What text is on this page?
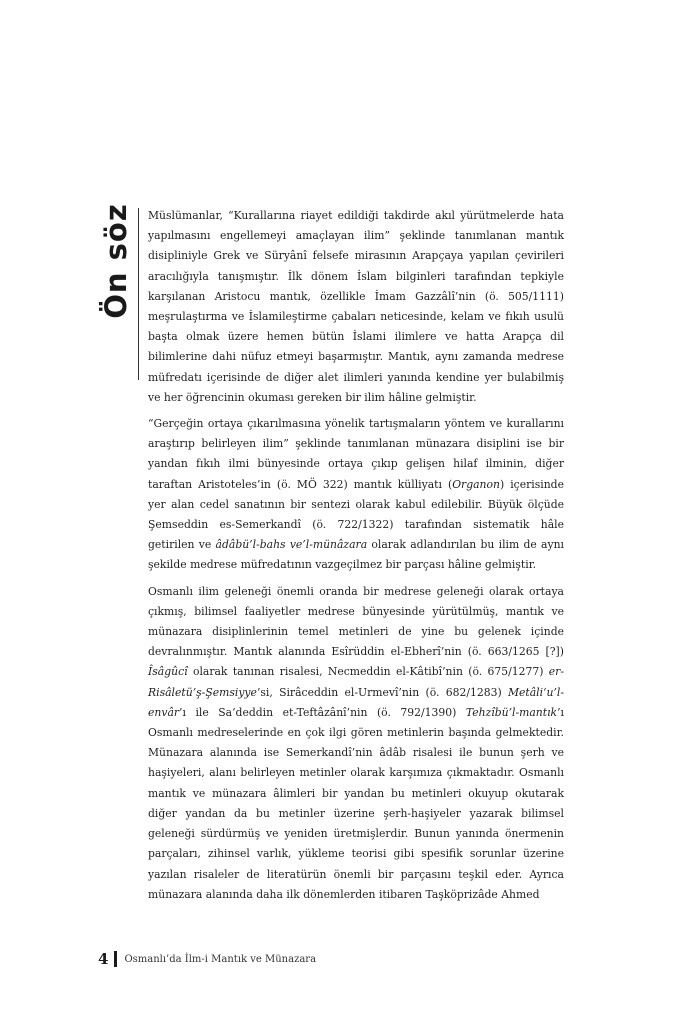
Ön söz Müslümanlar, “Kurallarına riayet edildiği takdirde akıl yürütmelerde hata yapılmasını engellemeyi amaçlayan ilim” şeklinde tanımlanan mantık disipliniyle Grek ve Süryânî felsefe mirasının Arapçaya yapılan çevirileri aracılığıyla tanışmıştır. İlk dönem İslam bilginleri tarafından tepkiyle karşılanan Aristocu mantık, özellikle İmam Gazzâlî’nin (ö. 505/1111) meşrulaştırma ve İslamileştirme çabaları neticesinde, kelam ve fıkıh usulü başta olmak üzere hemen bütün İslami ilimlere ve hatta Arapça dil bilimlerine dahi nüfuz etmeyi başarmıştır. Mantık, aynı zamanda medrese müfredatı içerisinde de diğer alet ilimleri yanında kendine yer bulabilmiş ve her öğrencinin okuması gereken bir ilim hâline gelmiştir.

“Gerçeğin ortaya çıkarılmasına yönelik tartışmaların yöntem ve kurallarını araştırıp belirleyen ilim” şeklinde tanımlanan münazara disiplini ise bir yandan fıkıh ilmi bünyesinde ortaya çıkıp gelişen hilaf ilminin, diğer taraftan Aristoteles’in (ö. MÖ 322) mantık külliyatı (Organon) içerisinde yer alan cedel sanatının bir sentezi olarak kabul edilebilir. Büyük ölçüde Şemseddin es-Semerkandî (ö. 722/1322) tarafından sistematik hâle getirilen ve âdâbü’l-bahs ve’l-münâzara olarak adlandırılan bu ilim de aynı şekilde medrese müfredatının vazgeçilmez bir parçası hâline gelmiştir.

Osmanlı ilim geleneği önemli oranda bir medrese geleneği olarak ortaya çıkmış, bilimsel faaliyetler medrese bünyesinde yürütülmüş, mantık ve münazara disiplinlerinin temel metinleri de yine bu gelenek içinde devralınmıştır. Mantık alanında Esîrüddin el-Ebherî’nin (ö. 663/1265 [?]) Îsâgûcî olarak tanınan risalesi, Necmeddin el-Kâtibî’nin (ö. 675/1277) er-Risâletü’ş-Şemsiyye’si, Sirâceddin el-Urmevî’nin (ö. 682/1283) Metâli‘u’l-envâr’ı ile Sa‘deddin et-Teftâzânî’nin (ö. 792/1390) Tehzîbü’l-mantık’ı Osmanlı medreselerinde en çok ilgi gören metinlerin başında gelmektedir. Münazara alanında ise Semerkandî’nin âdâb risalesi ile bunun şerh ve haşiyeleri, alanı belirleyen metinler olarak karşımıza çıkmaktadır. Osmanlı mantık ve münazara âlimleri bir yandan bu metinleri okuyup okutarak diğer yandan da bu metinler üzerine şerh-haşiyeler yazarak bilimsel geleneği sürdürmüş ve yeniden üretmişlerdir. Bunun yanında önermenin parçaları, zihinsel varlık, yükleme teorisi gibi spesifik sorunlar üzerine yazılan risaleler de literatürün önemli bir parçasını teşkil eder. Ayrıca münazara alanında daha ilk dönemlerden itibaren Taşköprizâde Ahmed

4 Osmanlı’da İlm-i Mantık ve Münazara
